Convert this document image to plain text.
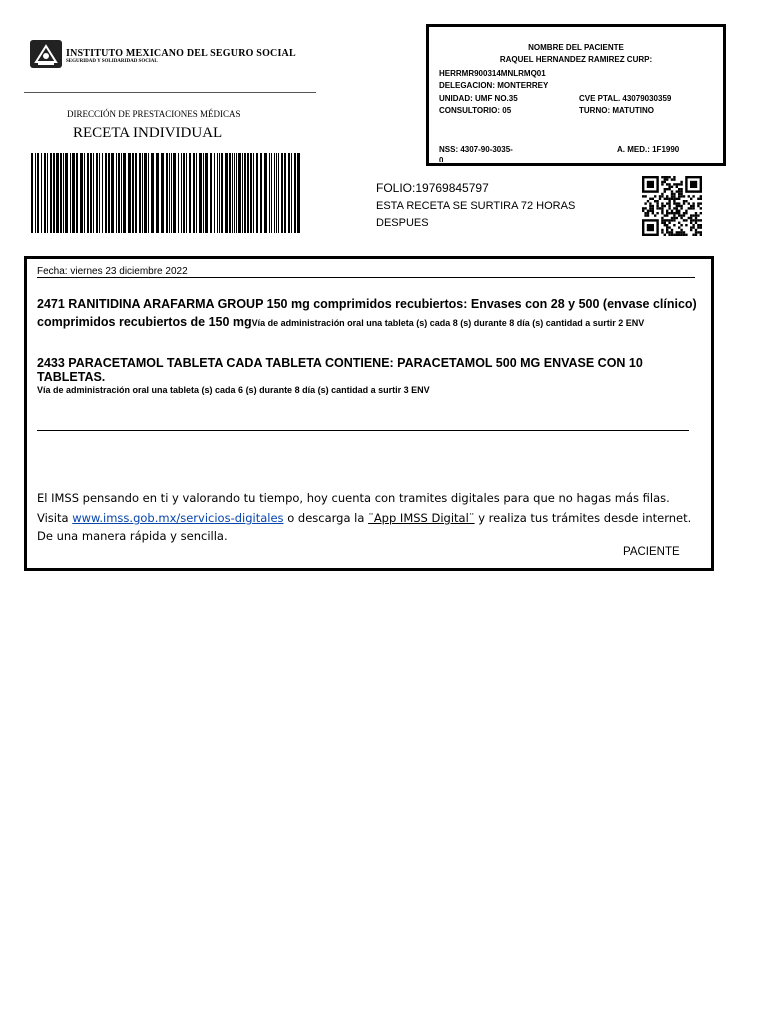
INSTITUTO MEXICANO DEL SEGURO SOCIAL
SEGURIDAD Y SOLIDARIDAD SOCIAL
DIRECCIÓN DE PRESTACIONES MÉDICAS
RECETA INDIVIDUAL
NOMBRE DEL PACIENTE
RAQUEL HERNANDEZ RAMIREZ CURP:
HERRMR900314MNLRMQ01
DELEGACION: MONTERREY
UNIDAD: UMF NO.35	CVE PTAL. 43079030359
CONSULTORIO: 05	TURNO: MATUTINO
NSS: 4307-90-3035-
0
A. MED.: 1F1990
FOLIO:19769845797
ESTA RECETA SE SURTIRA 72 HORAS DESPUES
Fecha: viernes 23 diciembre 2022
2471 RANITIDINA ARAFARMA GROUP 150 mg comprimidos recubiertos: Envases con 28 y 500 (envase clínico) comprimidos recubiertos de 150 mgVía de administración oral una tableta (s) cada 8 (s) durante 8 día (s) cantidad a surtir 2 ENV
2433 PARACETAMOL TABLETA CADA TABLETA CONTIENE: PARACETAMOL 500 MG ENVASE CON 10 TABLETAS.
Vía de administración oral una tableta (s) cada 6 (s) durante 8 día (s) cantidad a surtir 3 ENV
El IMSS pensando en ti y valorando tu tiempo, hoy cuenta con tramites digitales para que no hagas más filas.
Visita www.imss.gob.mx/servicios-digitales o descarga la ¨App IMSS Digital¨ y realiza tus trámites desde internet.
De una manera rápida y sencilla.
PACIENTE
